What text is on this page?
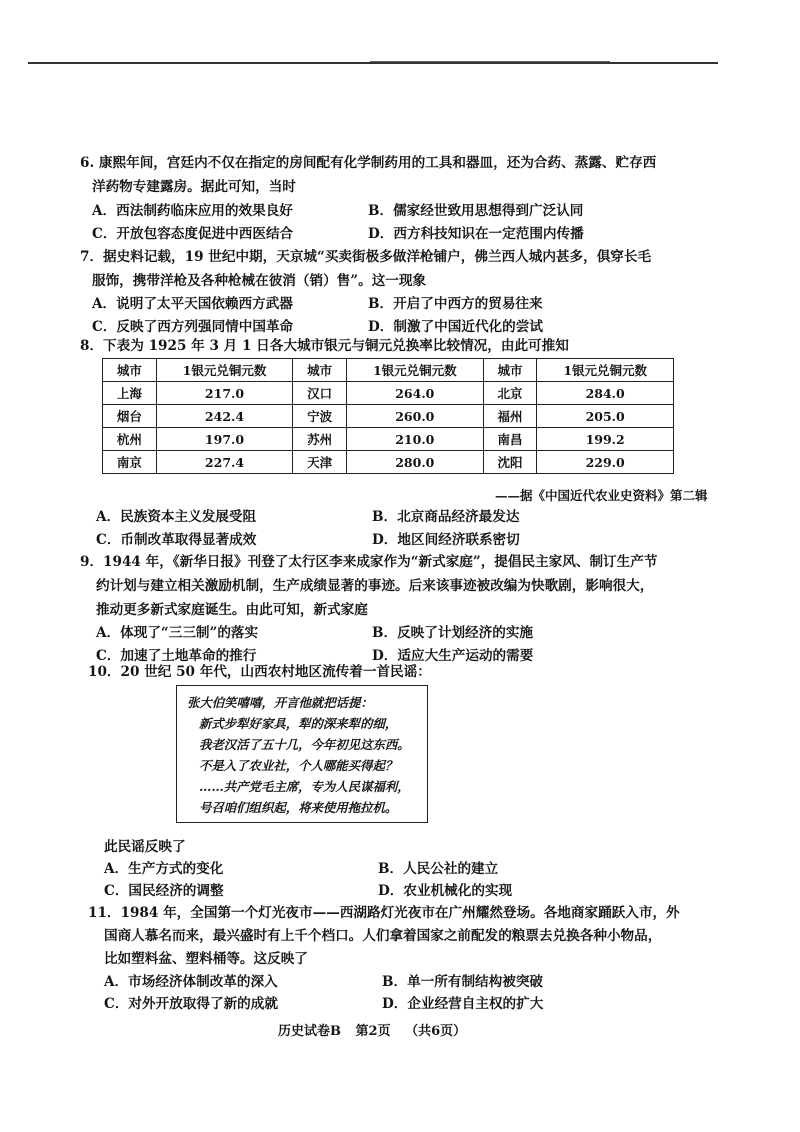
6. 康熙年间，宫廷内不仅在指定的房间配有化学制药用的工具和器皿，还为合药、蒸露、贮存西
洋药物专建露房。据此可知，当时
A．西法制药临床应用的效果良好	B．儒家经世致用思想得到广泛认同
C．开放包容态度促进中西医结合	D．西方科技知识在一定范围内传播
7．据史料记载，19 世纪中期，天京城“买卖街极多做洋枪铺户，佛兰西人城内甚多，俱穿长毛
服饰，携带洋枪及各种枪械在彼消（销）售”。这一现象
A．说明了太平天国依赖西方武器	B．开启了中西方的贸易往来
C．反映了西方列强同情中国革命	D．制激了中国近代化的尝试
8．下表为 1925 年 3 月 1 日各大城市银元与铜元兑换率比较情况，由此可推知
城市	1银元兑铜元数	城市	1银元兑铜元数	城市	1银元兑铜元数
上海	217.0	汉口	264.0	北京	284.0
烟台	242.4	宁波	260.0	福州	205.0
杭州	197.0	苏州	210.0	南昌	199.2
南京	227.4	天津	280.0	沈阳	229.0
——据《中国近代农业史资料》第二辑
A．民族资本主义发展受阻	B．北京商品经济最发达
C．币制改革取得显著成效	D．地区间经济联系密切
9．1944 年，《新华日报》刊登了太行区李来成家作为“新式家庭”，提倡民主家风、制订生产节
约计划与建立相关激励机制，生产成绩显著的事迹。后来该事迹被改编为快歌剧，影响很大，
推动更多新式家庭诞生。由此可知，新式家庭
A．体现了“三三制”的落实	B．反映了计划经济的实施
C．加速了土地革命的推行	D．适应大生产运动的需要
10．20 世纪 50 年代，山西农村地区流传着一首民谣：
张大伯笑嘻嘻，开言他就把话提：
新式步犁好家具，犁的深来犁的细，
我老汉活了五十几，今年初见这东西。
不是入了农业社，个人哪能买得起？
……共产党毛主席，专为人民谋福利，
号召咱们组织起，将来使用拖拉机。
此民谣反映了
A．生产方式的变化	B．人民公社的建立
C．国民经济的调整	D．农业机械化的实现
11．1984 年，全国第一个灯光夜市——西湖路灯光夜市在广州耀然登场。各地商家踊跃入市，外
国商人慕名而来，最兴盛时有上千个档口。人们拿着国家之前配发的粮票去兑换各种小物品，
比如塑料盆、塑料桶等。这反映了
A．市场经济体制改革的深入	B．单一所有制结构被突破
C．对外开放取得了新的成就	D．企业经营自主权的扩大
历史试卷B 第2页 （共6页）
